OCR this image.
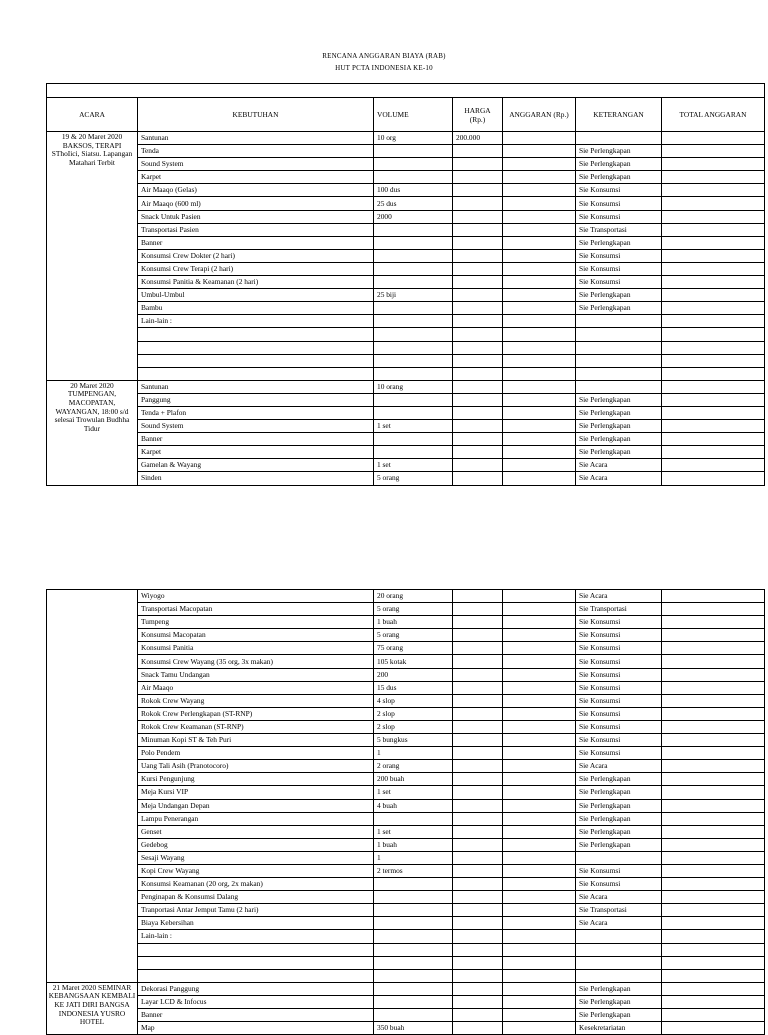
RENCANA ANGGARAN BIAYA (RAB)
HUT PCTA INDONESIA KE-10

ACARA	KEBUTUHAN	VOLUME	HARGA (Rp.)	ANGGARAN (Rp.)	KETERANGAN	TOTAL ANGGARAN
19 & 20 Maret 2020 BAKSOS, TERAPI SThoIici, Siatsu. Lapangan Matahari Terbit	Santunan	10 org	200.000			
	Tenda				Sie Perlengkapan	
	Sound System				Sie Perlengkapan	
	Karpet				Sie Perlengkapan	
	Air Maaqo (Gelas)	100 dus			Sie Konsumsi	
	Air Maaqo (600 ml)	25 dus			Sie Konsumsi	
	Snack Untuk Pasien	2000			Sie Konsumsi	
	Transportasi Pasien				Sie Transportasi	
	Banner				Sie Perlengkapan	
	Konsumsi Crew Dokter (2 hari)				Sie Konsumsi	
	Konsumsi Crew Terapi (2 hari)				Sie Konsumsi	
	Konsumsi Panitia & Keamanan (2 hari)				Sie Konsumsi	
	Umbul-Umbul	25 biji			Sie Perlengkapan	
	Bambu				Sie Perlengkapan	
	Lain-lain :					

20 Maret 2020 TUMPENGAN, MACOPATAN, WAYANGAN, 18:00 s/d selesai Trowulan Budhha Tidur	Santunan	10 orang				
	Panggung				Sie Perlengkapan	
	Tenda + Plafon				Sie Perlengkapan	
	Sound System	1 set			Sie Perlengkapan	
	Banner				Sie Perlengkapan	
	Karpet				Sie Perlengkapan	
	Gamelan & Wayang	1 set			Sie Acara	
	Sinden	5 orang			Sie Acara	
	Wiyogo	20 orang			Sie Acara	
	Transportasi Macopatan	5 orang			Sie Transportasi	
	Tumpeng	1 buah			Sie Konsumsi	
	Konsumsi Macopatan	5 orang			Sie Konsumsi	
	Konsumsi Panitia	75 orang			Sie Konsumsi	
	Konsumsi Crew Wayang (35 org, 3x makan)	105 kotak			Sie Konsumsi	
	Snack Tamu Undangan	200			Sie Konsumsi	
	Air Maaqo	15 dus			Sie Konsumsi	
	Rokok Crew Wayang	4 slop			Sie Konsumsi	
	Rokok Crew Perlengkapan (ST-RNP)	2 slop			Sie Konsumsi	
	Rokok Crew Keamanan (ST-RNP)	2 slop			Sie Konsumsi	
	Minuman Kopi ST & Teh Puri	5 bungkus			Sie Konsumsi	
	Polo Pendem	1			Sie Konsumsi	
	Uang Tali Asih (Pranotocoro)	2 orang			Sie Acara	
	Kursi Pengunjung	200 buah			Sie Perlengkapan	
	Meja Kursi VIP	1 set			Sie Perlengkapan	
	Meja Undangan Depan	4 buah			Sie Perlengkapan	
	Lampu Penerangan				Sie Perlengkapan	
	Genset	1 set			Sie Perlengkapan	
	Gedebog	1 buah			Sie Perlengkapan	
	Sesaji Wayang	1				
	Kopi Crew Wayang	2 termos			Sie Konsumsi	
	Konsumsi Keamanan (20 org, 2x makan)				Sie Konsumsi	
	Penginapan & Konsumsi Dalang				Sie Acara	
	Tranportasi Antar Jemput Tamu (2 hari)				Sie Transportasi	
	Biaya Kebersihan				Sie Acara	
	Lain-lain :					

21 Maret 2020 SEMINAR KEBANGSAAN KEMBALI KE JATI DIRI BANGSA INDONESIA YUSRO HOTEL	Dekorasi Panggung				Sie Perlengkapan	
	Layar LCD & Infocus				Sie Perlengkapan	
	Banner				Sie Perlengkapan	
	Map	350 buah			Kesekretariatan	
